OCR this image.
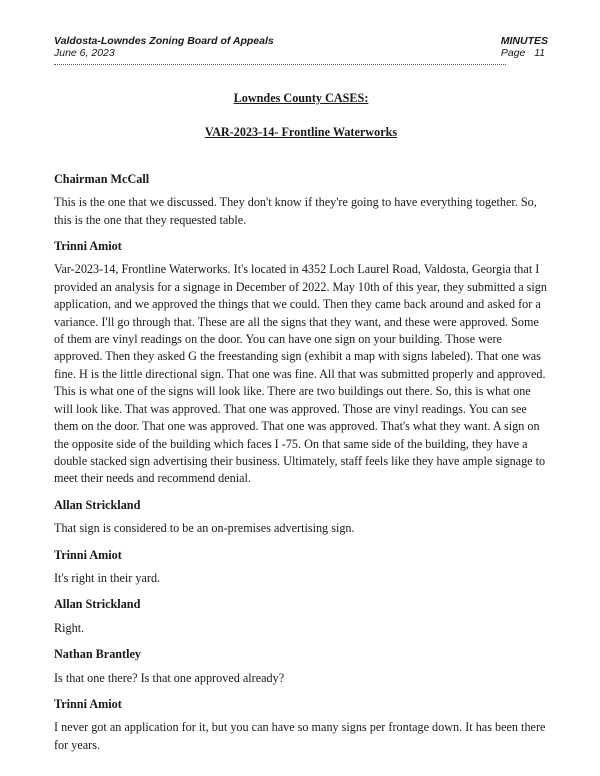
Valdosta-Lowndes Zoning Board of Appeals	MINUTES
June 6, 2023	Page   11

Lowndes County CASES:

VAR-2023-14- Frontline Waterworks

Chairman McCall

This is the one that we discussed. They don't know if they're going to have everything together. So, this is the one that they requested table.

Trinni Amiot

Var-2023-14, Frontline Waterworks. It's located in 4352 Loch Laurel Road, Valdosta, Georgia that I provided an analysis for a signage in December of 2022. May 10th of this year, they submitted a sign application, and we approved the things that we could. Then they came back around and asked for a variance. I'll go through that. These are all the signs that they want, and these were approved. Some of them are vinyl readings on the door. You can have one sign on your building. Those were approved. Then they asked G the freestanding sign (exhibit a map with signs labeled). That one was fine. H is the little directional sign. That one was fine. All that was submitted properly and approved. This is what one of the signs will look like. There are two buildings out there. So, this is what one will look like. That was approved. That one was approved. Those are vinyl readings. You can see them on the door. That one was approved. That one was approved. That's what they want. A sign on the opposite side of the building which faces I -75. On that same side of the building, they have a double stacked sign advertising their business. Ultimately, staff feels like they have ample signage to meet their needs and recommend denial.

Allan Strickland

That sign is considered to be an on-premises advertising sign.

Trinni Amiot

It's right in their yard.

Allan Strickland

Right.

Nathan Brantley

Is that one there? Is that one approved already?

Trinni Amiot

I never got an application for it, but you can have so many signs per frontage down. It has been there for years.
